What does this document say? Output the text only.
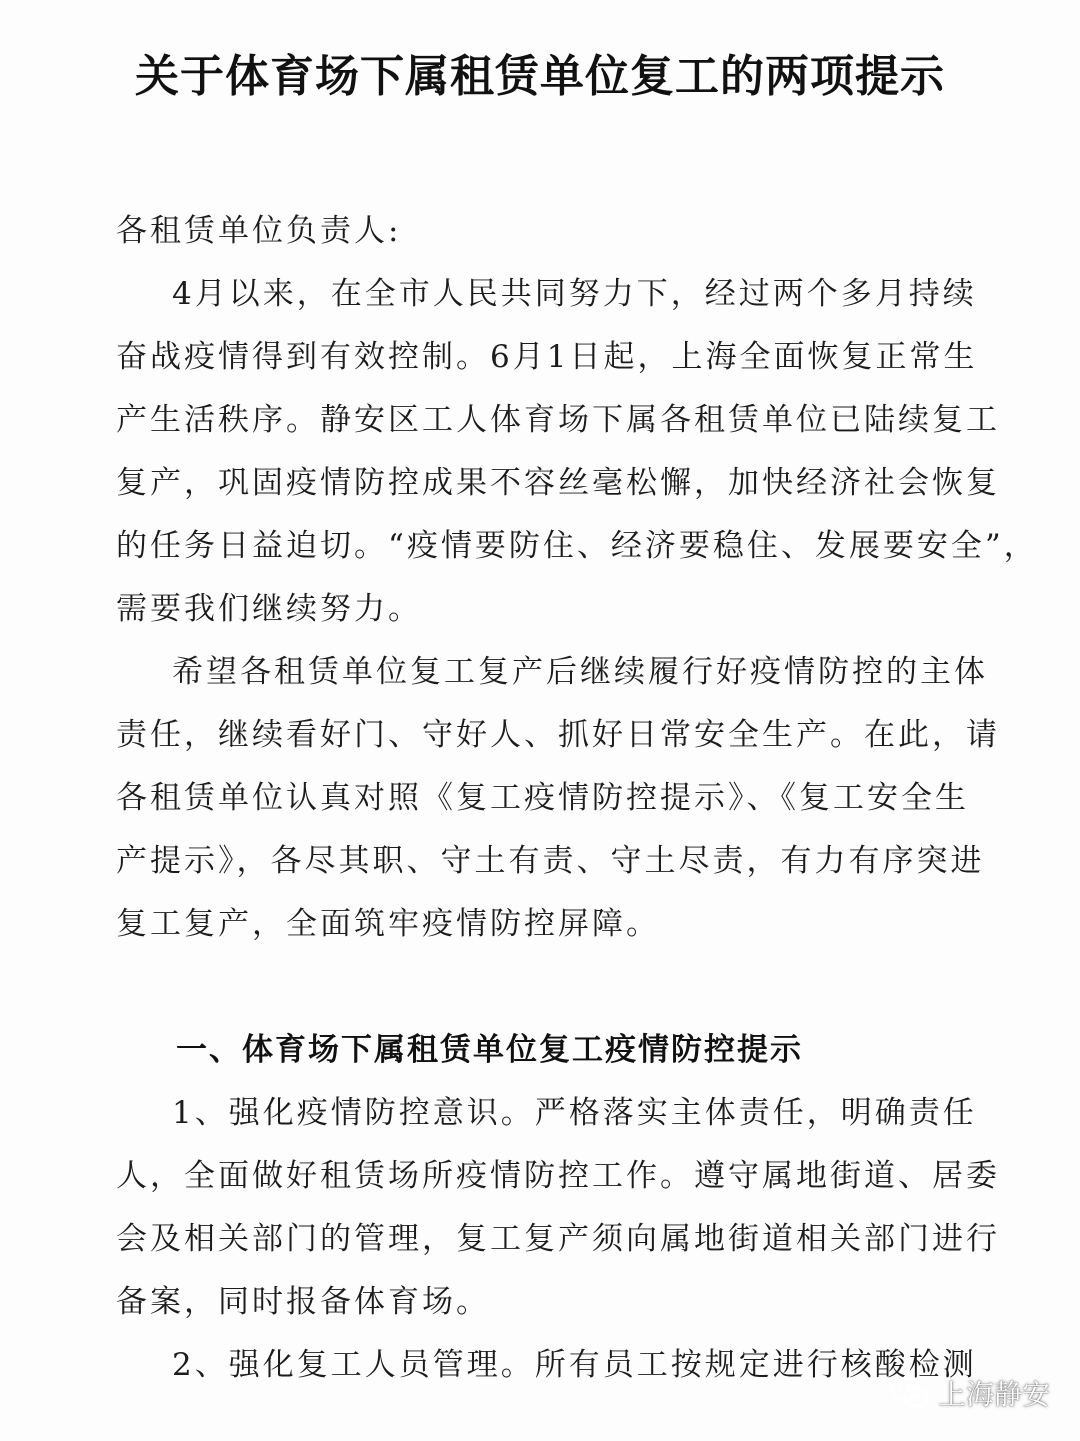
关于体育场下属租赁单位复工的两项提示
各租赁单位负责人:
4月以来，在全市人民共同努力下，经过两个多月持续
奋战疫情得到有效控制。6月1日起，上海全面恢复正常生
产生活秩序。静安区工人体育场下属各租赁单位已陆续复工
复产，巩固疫情防控成果不容丝毫松懈，加快经济社会恢复
的任务日益迫切。“疫情要防住、经济要稳住、发展要安全”，
需要我们继续努力。
希望各租赁单位复工复产后继续履行好疫情防控的主体
责任，继续看好门、守好人、抓好日常安全生产。在此，请
各租赁单位认真对照《复工疫情防控提示》、《复工安全生
产提示》，各尽其职、守土有责、守土尽责，有力有序突进
复工复产，全面筑牢疫情防控屏障。
一、体育场下属租赁单位复工疫情防控提示
1、强化疫情防控意识。严格落实主体责任，明确责任
人，全面做好租赁场所疫情防控工作。遵守属地街道、居委
会及相关部门的管理，复工复产须向属地街道相关部门进行
备案，同时报备体育场。
2、强化复工人员管理。所有员工按规定进行核酸检测
上海静安
